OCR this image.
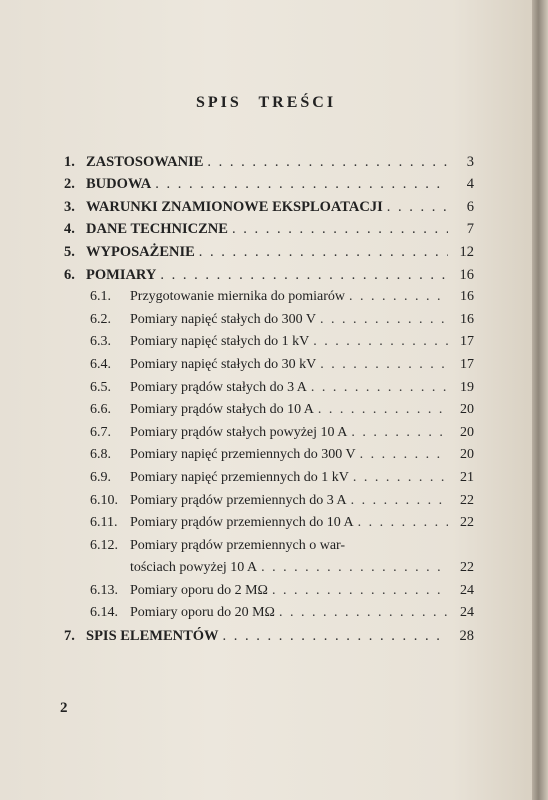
SPIS TREŚCI
1. ZASTOSOWANIE . . .	3
2. BUDOWA . . .	4
3. WARUNKI ZNAMIONOWE EKSPLOATACJI . . .	6
4. DANE TECHNICZNE . . .	7
5. WYPOSAŻENIE . . .	12
6. POMIARY . . .	16
6.1.	Przygotowanie miernika do pomiarów . . .	16
6.2.	Pomiary napięć stałych do 300 V . . .	16
6.3.	Pomiary napięć stałych do 1 kV . . .	17
6.4.	Pomiary napięć stałych do 30 kV . . .	17
6.5.	Pomiary prądów stałych do 3 A . . .	19
6.6.	Pomiary prądów stałych do 10 A . . .	20
6.7.	Pomiary prądów stałych powyżej 10 A . . .	20
6.8.	Pomiary napięć przemiennych do 300 V . . .	20
6.9.	Pomiary napięć przemiennych do 1 kV . . .	21
6.10. Pomiary prądów przemiennych do 3 A . . .	22
6.11. Pomiary prądów przemiennych do 10 A . . .	22
6.12. Pomiary prądów przemiennych o war-
tościach powyżej 10 A . . .	22
6.13. Pomiary oporu do 2 MΩ . . .	24
6.14. Pomiary oporu do 20 MΩ . . .	24
7. SPIS ELEMENTÓW . . .	28
2
